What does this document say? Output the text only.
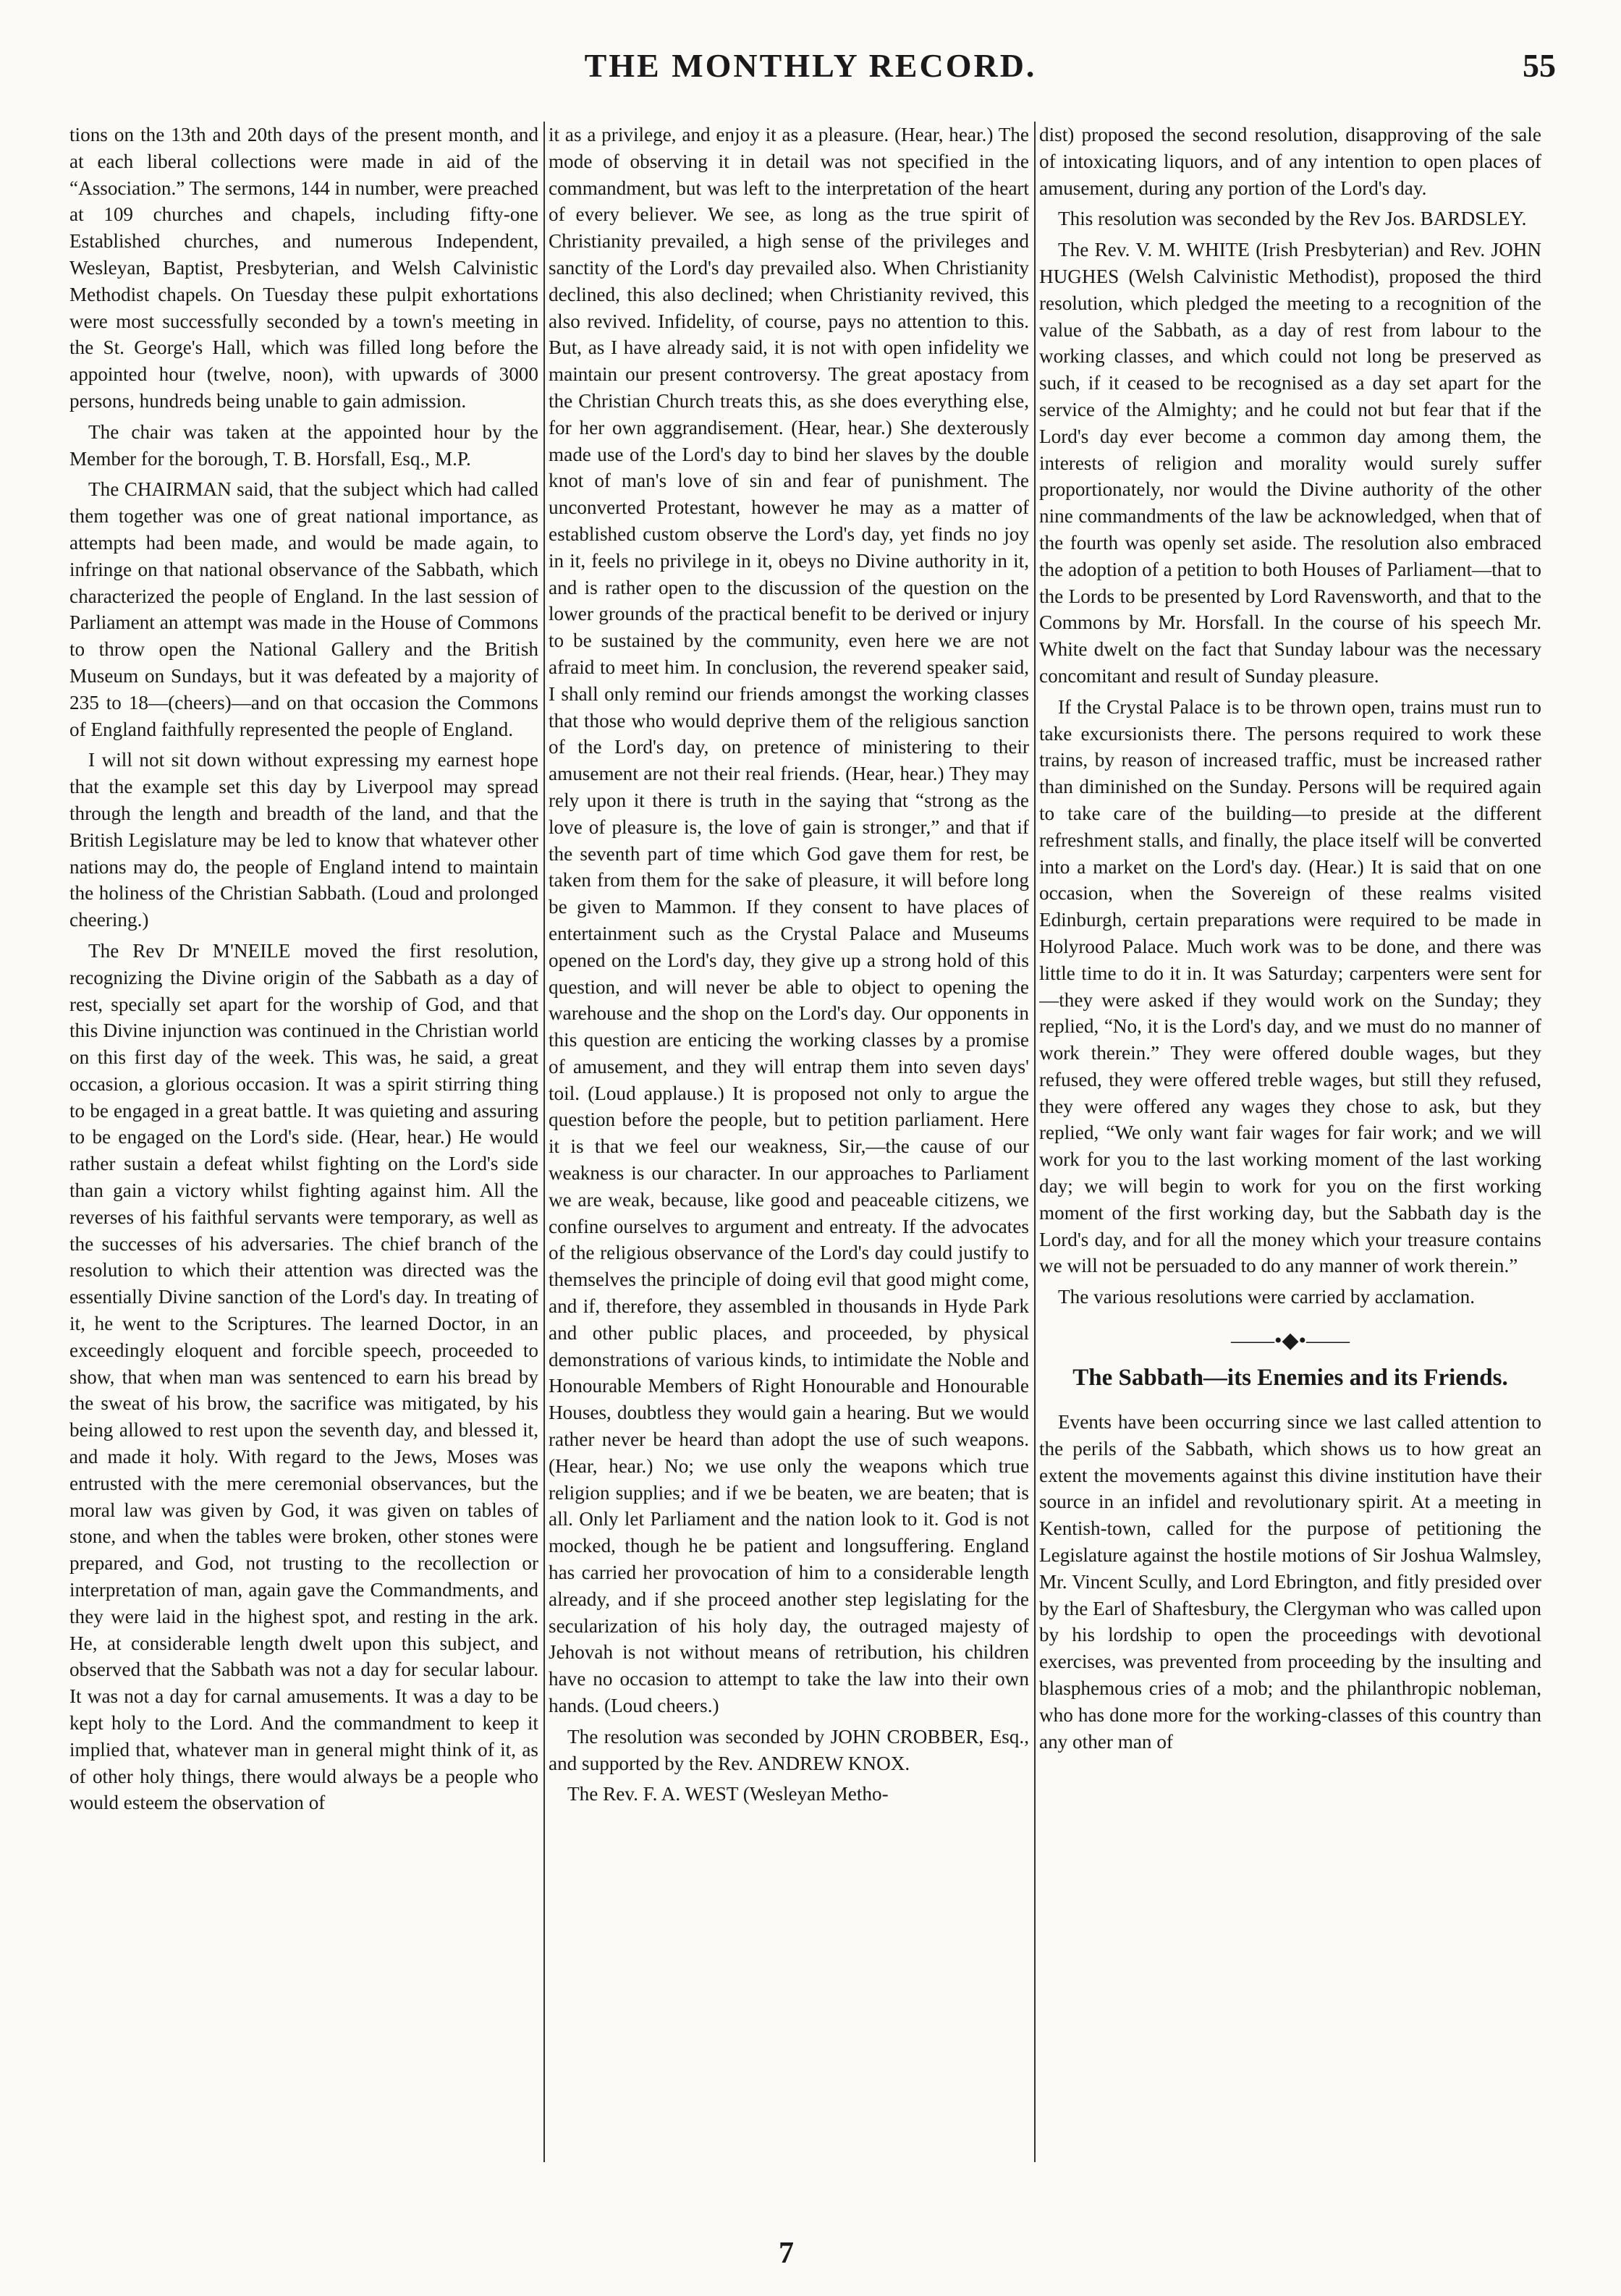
THE MONTHLY RECORD.	55

tions on the 13th and 20th days of the present month, and at each liberal collections were made in aid of the “Association.” The sermons, 144 in number, were preached at 109 churches and chapels, including fifty-one Established churches, and numerous Independent, Wesleyan, Baptist, Presbyterian, and Welsh Calvinistic Methodist chapels. On Tuesday these pulpit exhortations were most successfully seconded by a town's meeting in the St. George's Hall, which was filled long before the appointed hour (twelve, noon), with upwards of 3000 persons, hundreds being unable to gain admission.

The chair was taken at the appointed hour by the Member for the borough, T. B. Horsfall, Esq., M.P.

The CHAIRMAN said, that the subject which had called them together was one of great national importance, as attempts had been made, and would be made again, to infringe on that national observance of the Sabbath, which characterized the people of England. In the last session of Parliament an attempt was made in the House of Commons to throw open the National Gallery and the British Museum on Sundays, but it was defeated by a majority of 235 to 18—(cheers)—and on that occasion the Commons of England faithfully represented the people of England.

I will not sit down without expressing my earnest hope that the example set this day by Liverpool may spread through the length and breadth of the land, and that the British Legislature may be led to know that whatever other nations may do, the people of England intend to maintain the holiness of the Christian Sabbath. (Loud and prolonged cheering.)

The Rev Dr M'NEILE moved the first resolution, recognizing the Divine origin of the Sabbath as a day of rest, specially set apart for the worship of God, and that this Divine injunction was continued in the Christian world on this first day of the week. This was, he said, a great occasion, a glorious occasion. It was a spirit stirring thing to be engaged in a great battle. It was quieting and assuring to be engaged on the Lord's side. (Hear, hear.) He would rather sustain a defeat whilst fighting on the Lord's side than gain a victory whilst fighting against him. All the reverses of his faithful servants were temporary, as well as the successes of his adversaries. The chief branch of the resolution to which their attention was directed was the essentially Divine sanction of the Lord's day. In treating of it, he went to the Scriptures. The learned Doctor, in an exceedingly eloquent and forcible speech, proceeded to show, that when man was sentenced to earn his bread by the sweat of his brow, the sacrifice was mitigated, by his being allowed to rest upon the seventh day, and blessed it, and made it holy. With regard to the Jews, Moses was entrusted with the mere ceremonial observances, but the moral law was given by God, it was given on tables of stone, and when the tables were broken, other stones were prepared, and God, not trusting to the recollection or interpretation of man, again gave the Commandments, and they were laid in the highest spot, and resting in the ark. He, at considerable length dwelt upon this subject, and observed that the Sabbath was not a day for secular labour. It was not a day for carnal amusements. It was a day to be kept holy to the Lord. And the commandment to keep it implied that, whatever man in general might think of it, as of other holy things, there would always be a people who would esteem the observation of

it as a privilege, and enjoy it as a pleasure. (Hear, hear.) The mode of observing it in detail was not specified in the commandment, but was left to the interpretation of the heart of every believer. We see, as long as the true spirit of Christianity prevailed, a high sense of the privileges and sanctity of the Lord's day prevailed also. When Christianity declined, this also declined; when Christianity revived, this also revived. Infidelity, of course, pays no attention to this. But, as I have already said, it is not with open infidelity we maintain our present controversy. The great apostacy from the Christian Church treats this, as she does everything else, for her own aggrandisement. (Hear, hear.) She dexterously made use of the Lord's day to bind her slaves by the double knot of man's love of sin and fear of punishment. The unconverted Protestant, however he may as a matter of established custom observe the Lord's day, yet finds no joy in it, feels no privilege in it, obeys no Divine authority in it, and is rather open to the discussion of the question on the lower grounds of the practical benefit to be derived or injury to be sustained by the community, even here we are not afraid to meet him. In conclusion, the reverend speaker said, I shall only remind our friends amongst the working classes that those who would deprive them of the religious sanction of the Lord's day, on pretence of ministering to their amusement are not their real friends. (Hear, hear.) They may rely upon it there is truth in the saying that “strong as the love of pleasure is, the love of gain is stronger,” and that if the seventh part of time which God gave them for rest, be taken from them for the sake of pleasure, it will before long be given to Mammon. If they consent to have places of entertainment such as the Crystal Palace and Museums opened on the Lord's day, they give up a strong hold of this question, and will never be able to object to opening the warehouse and the shop on the Lord's day. Our opponents in this question are enticing the working classes by a promise of amusement, and they will entrap them into seven days' toil. (Loud applause.) It is proposed not only to argue the question before the people, but to petition parliament. Here it is that we feel our weakness, Sir,—the cause of our weakness is our character. In our approaches to Parliament we are weak, because, like good and peaceable citizens, we confine ourselves to argument and entreaty. If the advocates of the religious observance of the Lord's day could justify to themselves the principle of doing evil that good might come, and if, therefore, they assembled in thousands in Hyde Park and other public places, and proceeded, by physical demonstrations of various kinds, to intimidate the Noble and Honourable Members of Right Honourable and Honourable Houses, doubtless they would gain a hearing. But we would rather never be heard than adopt the use of such weapons. (Hear, hear.) No; we use only the weapons which true religion supplies; and if we be beaten, we are beaten; that is all. Only let Parliament and the nation look to it. God is not mocked, though he be patient and longsuffering. England has carried her provocation of him to a considerable length already, and if she proceed another step legislating for the secularization of his holy day, the outraged majesty of Jehovah is not without means of retribution, his children have no occasion to attempt to take the law into their own hands. (Loud cheers.)

The resolution was seconded by JOHN CROBBER, Esq., and supported by the Rev. ANDREW KNOX.

The Rev. F. A. WEST (Wesleyan Metho-

dist) proposed the second resolution, disapproving of the sale of intoxicating liquors, and of any intention to open places of amusement, during any portion of the Lord's day.

This resolution was seconded by the Rev Jos. BARDSLEY.

The Rev. V. M. WHITE (Irish Presbyterian) and Rev. JOHN HUGHES (Welsh Calvinistic Methodist), proposed the third resolution, which pledged the meeting to a recognition of the value of the Sabbath, as a day of rest from labour to the working classes, and which could not long be preserved as such, if it ceased to be recognised as a day set apart for the service of the Almighty; and he could not but fear that if the Lord's day ever become a common day among them, the interests of religion and morality would surely suffer proportionately, nor would the Divine authority of the other nine commandments of the law be acknowledged, when that of the fourth was openly set aside. The resolution also embraced the adoption of a petition to both Houses of Parliament—that to the Lords to be presented by Lord Ravensworth, and that to the Commons by Mr. Horsfall. In the course of his speech Mr. White dwelt on the fact that Sunday labour was the necessary concomitant and result of Sunday pleasure.

If the Crystal Palace is to be thrown open, trains must run to take excursionists there. The persons required to work these trains, by reason of increased traffic, must be increased rather than diminished on the Sunday. Persons will be required again to take care of the building—to preside at the different refreshment stalls, and finally, the place itself will be converted into a market on the Lord's day. (Hear.) It is said that on one occasion, when the Sovereign of these realms visited Edinburgh, certain preparations were required to be made in Holyrood Palace. Much work was to be done, and there was little time to do it in. It was Saturday; carpenters were sent for—they were asked if they would work on the Sunday; they replied, “No, it is the Lord's day, and we must do no manner of work therein.” They were offered double wages, but they refused, they were offered treble wages, but still they refused, they were offered any wages they chose to ask, but they replied, “We only want fair wages for fair work; and we will work for you to the last working moment of the last working day; we will begin to work for you on the first working moment of the first working day, but the Sabbath day is the Lord's day, and for all the money which your treasure contains we will not be persuaded to do any manner of work therein.”

The various resolutions were carried by acclamation.

——•◆•——
The Sabbath—its Enemies and its Friends.

Events have been occurring since we last called attention to the perils of the Sabbath, which shows us to how great an extent the movements against this divine institution have their source in an infidel and revolutionary spirit. At a meeting in Kentish-town, called for the purpose of petitioning the Legislature against the hostile motions of Sir Joshua Walmsley, Mr. Vincent Scully, and Lord Ebrington, and fitly presided over by the Earl of Shaftesbury, the Clergyman who was called upon by his lordship to open the proceedings with devotional exercises, was prevented from proceeding by the insulting and blasphemous cries of a mob; and the philanthropic nobleman, who has done more for the working-classes of this country than any other man of

7
